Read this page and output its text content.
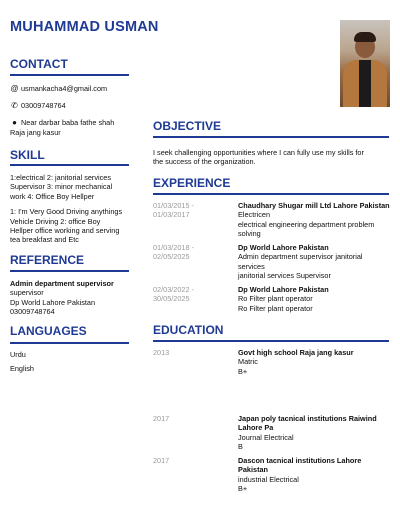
MUHAMMAD USMAN
CONTACT
@ usmankacha4@gmail.com
✆ 03009748764
● Near darbar baba fathe shah
Raja jang kasur
SKILL
1:electrical 2: janitorial services
Supervisor 3: minor mechanical
work 4: Office Boy Hellper
1: I'm Very Good Driving anythings
Vehicle Driving 2: office Boy
Hellper office working and serving
tea breakfast and Etc
REFERENCE
Admin department supervisor
supervisor
Dp World Lahore Pakistan
03009748764
LANGUAGES
Urdu
English
OBJECTIVE
I seek challenging opportunities where I can fully use my skills for
the success of the organization.
EXPERIENCE
01/03/2015 -
01/03/2017
Chaudhary Shugar mill Ltd Lahore Pakistan
Electricen
electrical engineering department problem
solving
01/03/2018 -
02/05/2025
Dp World Lahore Pakistan
Admin department supervisor janitorial
services
janitorial services Supervisor
02/03/2022 -
30/05/2025
Dp World Lahore Pakistan
Ro Filter plant operator
Ro Filter plant operator
EDUCATION
2013	Govt high school Raja jang kasur
Matric
B+
2017	Japan poly tacnical institutions Raiwind
Lahore Pa
Journal Electrical
B
2017	Dascon tacnical institutions Lahore
Pakistan
industrial Electrical
B+
